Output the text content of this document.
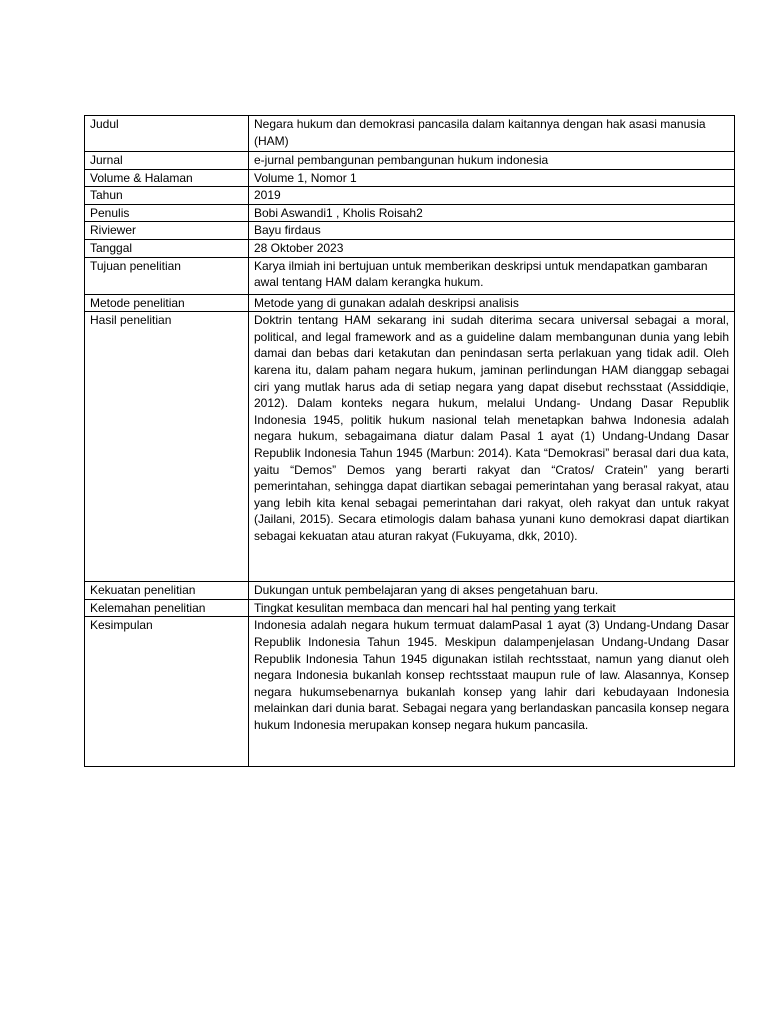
Judul	Negara hukum dan demokrasi pancasila dalam kaitannya dengan hak asasi manusia (HAM)
Jurnal	e-jurnal pembangunan pembangunan hukum indonesia
Volume & Halaman	Volume 1, Nomor 1
Tahun	2019
Penulis	Bobi Aswandi1 , Kholis Roisah2
Riviewer	Bayu firdaus
Tanggal	28 Oktober 2023
Tujuan penelitian	Karya ilmiah ini bertujuan untuk memberikan deskripsi untuk mendapatkan gambaran awal tentang HAM dalam kerangka hukum.
Metode penelitian	Metode yang di gunakan adalah deskripsi analisis
Hasil penelitian	Doktrin tentang HAM sekarang ini sudah diterima secara universal sebagai a moral, political, and legal framework and as a guideline dalam membangunan dunia yang lebih damai dan bebas dari ketakutan dan penindasan serta perlakuan yang tidak adil. Oleh karena itu, dalam paham negara hukum, jaminan perlindungan HAM dianggap sebagai ciri yang mutlak harus ada di setiap negara yang dapat disebut rechsstaat (Assiddiqie, 2012). Dalam konteks negara hukum, melalui Undang- Undang Dasar Republik Indonesia 1945, politik hukum nasional telah menetapkan bahwa Indonesia adalah negara hukum, sebagaimana diatur dalam Pasal 1 ayat (1) Undang-Undang Dasar Republik Indonesia Tahun 1945 (Marbun: 2014). Kata “Demokrasi” berasal dari dua kata, yaitu “Demos” Demos yang berarti rakyat dan “Cratos/ Cratein” yang berarti pemerintahan, sehingga dapat diartikan sebagai pemerintahan yang berasal rakyat, atau yang lebih kita kenal sebagai pemerintahan dari rakyat, oleh rakyat dan untuk rakyat (Jailani, 2015). Secara etimologis dalam bahasa yunani kuno demokrasi dapat diartikan sebagai kekuatan atau aturan rakyat (Fukuyama, dkk, 2010).
Kekuatan penelitian	Dukungan untuk pembelajaran yang di akses pengetahuan baru.
Kelemahan penelitian	Tingkat kesulitan membaca dan mencari hal hal penting yang terkait
Kesimpulan	Indonesia adalah negara hukum termuat dalamPasal 1 ayat (3) Undang-Undang Dasar Republik Indonesia Tahun 1945. Meskipun dalampenjelasan Undang-Undang Dasar Republik Indonesia Tahun 1945 digunakan istilah rechtsstaat, namun yang dianut oleh negara Indonesia bukanlah konsep rechtsstaat maupun rule of law. Alasannya, Konsep negara hukumsebenarnya bukanlah konsep yang lahir dari kebudayaan Indonesia melainkan dari dunia barat. Sebagai negara yang berlandaskan pancasila konsep negara hukum Indonesia merupakan konsep negara hukum pancasila.
